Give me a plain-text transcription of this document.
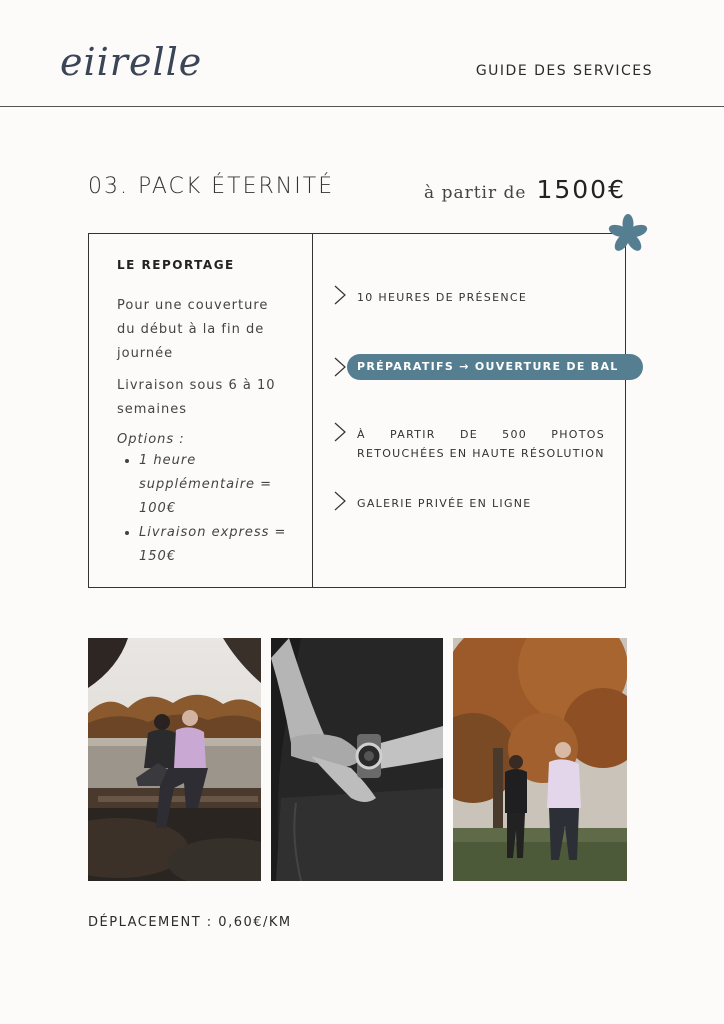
eiirelle	GUIDE DES SERVICES
03. PACK ÉTERNITÉ	à partir de 1500€
LE REPORTAGE

Pour une couverture du début à la fin de journée

Livraison sous 6 à 10 semaines

Options :
• 1 heure supplémentaire = 100€
• Livraison express = 150€
10 HEURES DE PRÉSENCE
PRÉPARATIFS → OUVERTURE DE BAL
À PARTIR DE 500 PHOTOS RETOUCHÉES EN HAUTE RÉSOLUTION
GALERIE PRIVÉE EN LIGNE
DÉPLACEMENT : 0,60€/KM
